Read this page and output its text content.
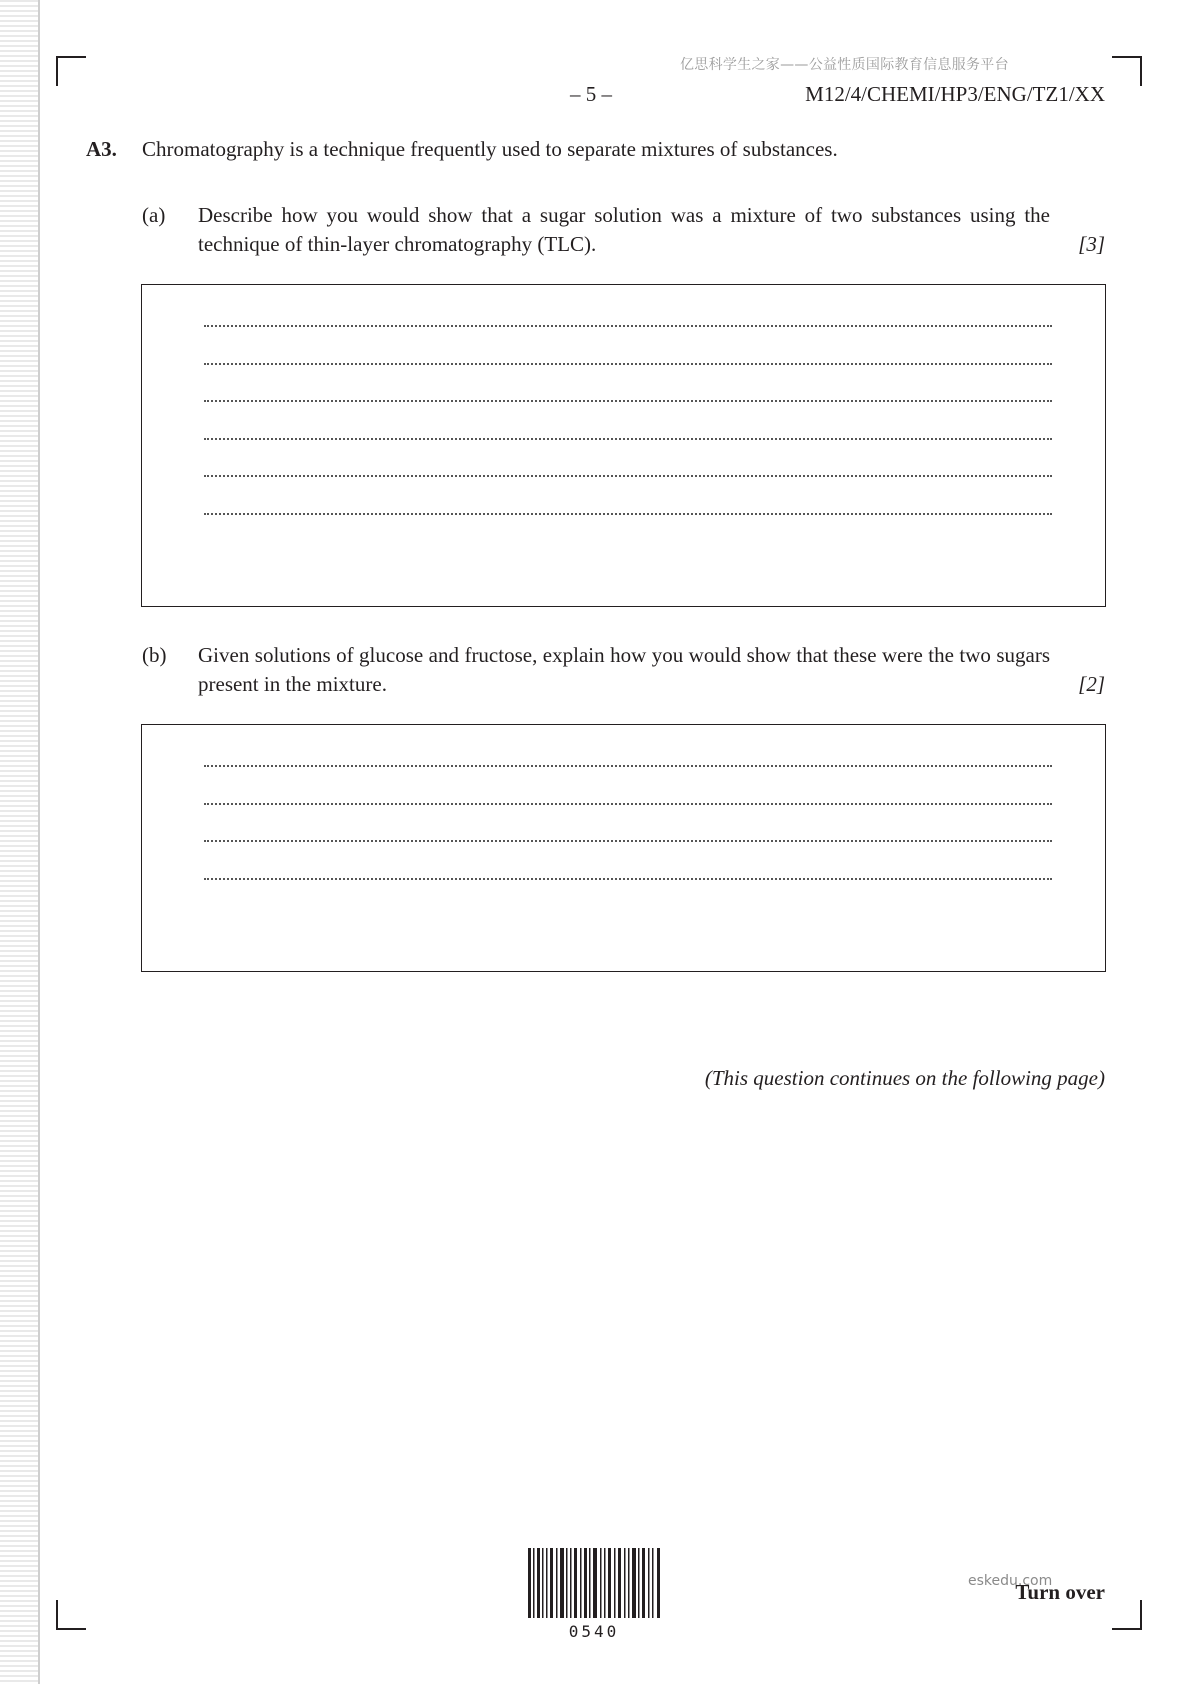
亿思科学生之家——公益性质国际教育信息服务平台
– 5 –	M12/4/CHEMI/HP3/ENG/TZ1/XX
A3. Chromatography is a technique frequently used to separate mixtures of substances.
(a) Describe how you would show that a sugar solution was a mixture of two substances using the technique of thin-layer chromatography (TLC).	[3]
(b) Given solutions of glucose and fructose, explain how you would show that these were the two sugars present in the mixture.	[2]
(This question continues on the following page)
0540
Turn over
eskedu.com
